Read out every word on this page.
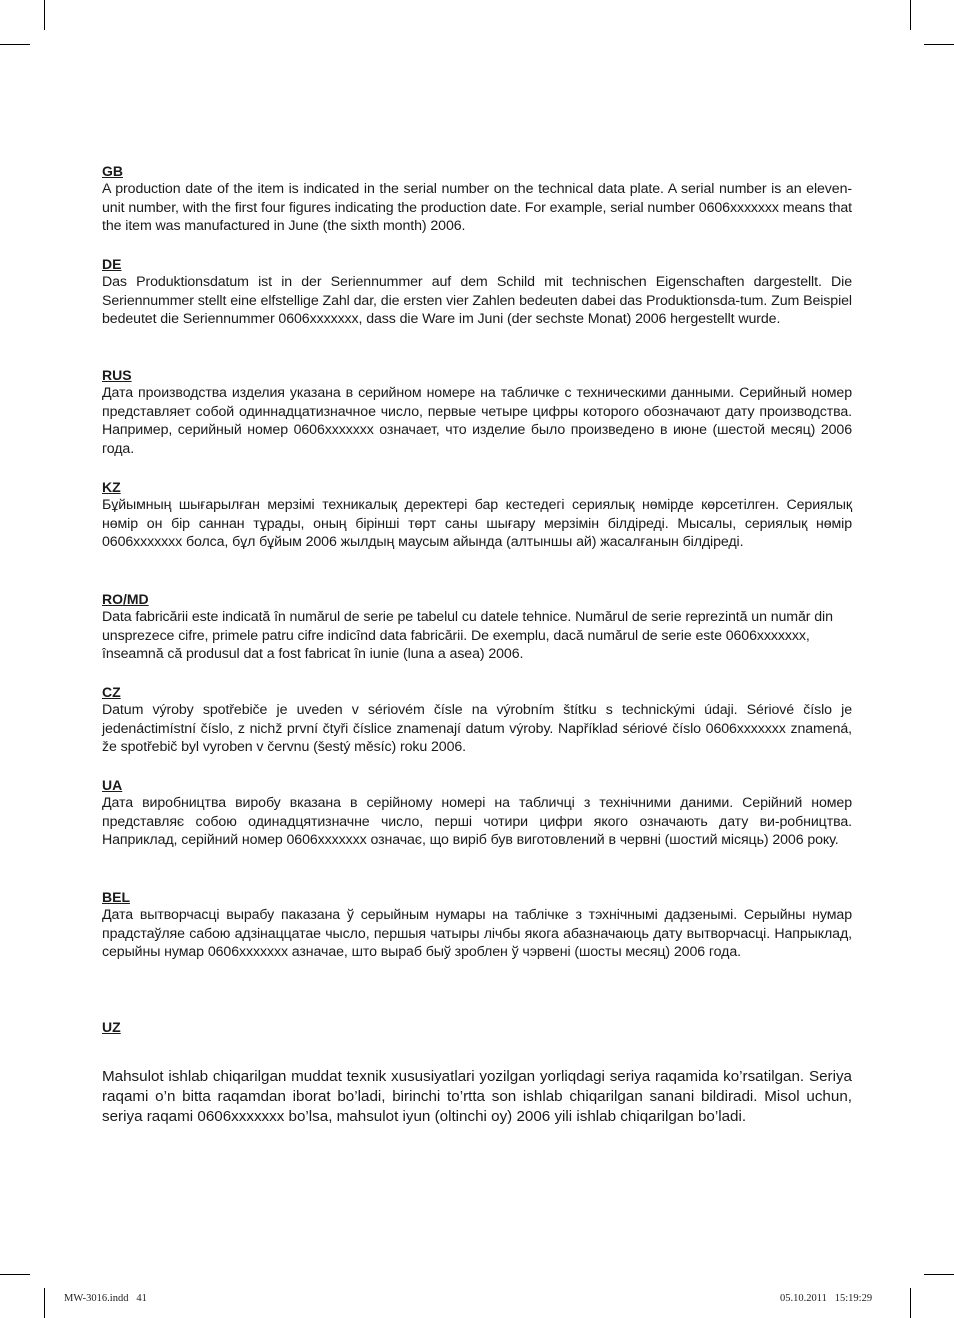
GB

A production date of the item is indicated in the serial number on the technical data plate. A serial number is an eleven-unit number, with the first four figures indicating the production date. For example, serial number 0606xxxxxxx means that the item was manufactured in June (the sixth month) 2006.

DE

Das Produktionsdatum ist in der Seriennummer auf dem Schild mit technischen Eigenschaften dargestellt. Die Seriennummer stellt eine elfstellige Zahl dar, die ersten vier Zahlen bedeuten dabei das Produktionsda-tum. Zum Beispiel bedeutet die Seriennummer 0606xxxxxxx, dass die Ware im Juni (der sechste Monat) 2006 hergestellt wurde.

RUS

Дата производства изделия указана в серийном номере на табличке с техническими данными. Серийный номер представляет собой одиннадцатизначное число, первые четыре цифры которого обозначают дату производства. Например, серийный номер 0606xxxxxxx означает, что изделие было произведено в июне (шестой месяц) 2006 года.

KZ

Бұйымның шығарылған мерзімі техникалық деректері бар кестедегі сериялық нөмірде көрсетілген. Сериялық нөмір он бір саннан тұрады, оның бірінші төрт саны шығару мерзімін білдіреді. Мысалы, сериялық нөмір 0606xxxxxxx болса, бұл бұйым 2006 жылдың маусым айында (алтыншы ай) жасалғанын білдіреді.

RO/MD

Data fabricării este indicată în numărul de serie pe tabelul cu datele tehnice. Numărul de serie reprezintă un număr din unsprezece cifre, primele patru cifre indicînd data fabricării. De exemplu, dacă numărul de serie este 0606xxxxxxx, înseamnă că produsul dat a fost fabricat în iunie (luna a asea) 2006.

CZ

Datum výroby spotřebiče je uveden v sériovém čísle na výrobním štítku s technickými údaji. Sériové číslo je jedenáctimístní číslo, z nichž první čtyři číslice znamenají datum výroby. Například sériové číslo 0606xxxxxxx znamená, že spotřebič byl vyroben v červnu (šestý měsíc) roku 2006.

UA

Дата виробництва виробу вказана в серійному номері на табличці з технічними даними. Серійний номер представляє собою одинадцятизначне число, перші чотири цифри якого означають дату ви-робництва. Наприклад, серійний номер 0606xxxxxxx означає, що виріб був виготовлений в червні (шостий місяць) 2006 року.

BEL

Дата вытворчасці вырабу паказана ў серыйным нумары на таблічке з тэхнічнымі дадзенымі. Серыйны нумар прадстаўляе сабою адзінаццатае чысло, першыя чатыры лічбы якога абазначаюць дату вытворчасці. Напрыклад, серыйны нумар 0606xxxxxxx азначае, што выраб быў зроблен ў чэрвені (шосты месяц) 2006 года.

UZ

Mahsulot ishlab chiqarilgan muddat texnik xususiyatlari yozilgan yorliqdagi seriya raqamida ko’rsatilgan. Seriya raqami o’n bitta raqamdan iborat bo’ladi, birinchi to’rtta son ishlab chiqarilgan sanani bildiradi. Misol uchun, seriya raqami 0606xxxxxxx bo’lsa, mahsulot iyun (oltinchi oy) 2006 yili ishlab chiqarilgan bo’ladi.

MW-3016.indd   41	05.10.2011   15:19:29
